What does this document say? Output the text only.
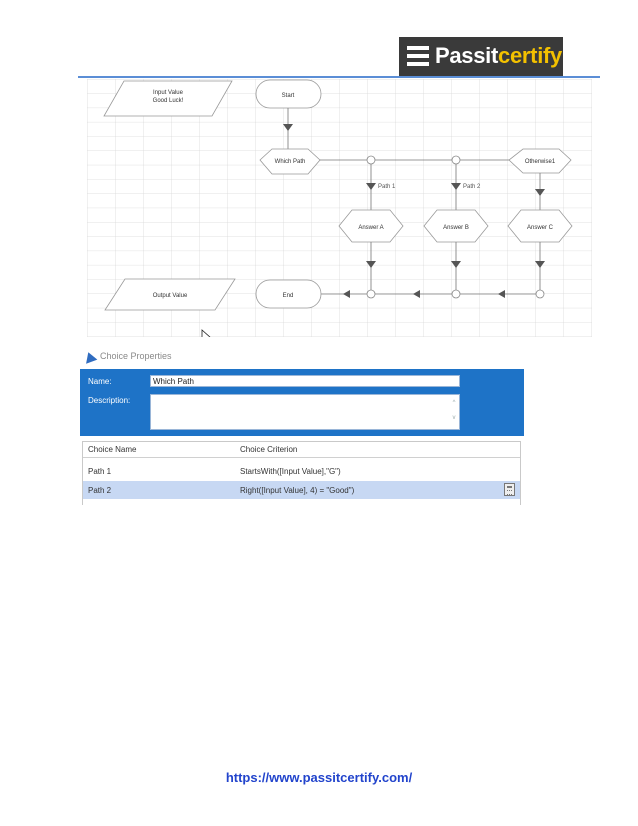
Passitcertify
Input Value
Good Luck!
Start
Which Path	Otherwise1
Path 1	Path 2
Answer A	Answer B	Answer C
End
Output Value
Choice Properties
Name:	Which Path
Description:	^
v
Choice Name	Choice Criterion
Path 1	StartsWith([Input Value],"G")
Path 2	Right([Input Value], 4) = "Good")
https://www.passitcertify.com/
